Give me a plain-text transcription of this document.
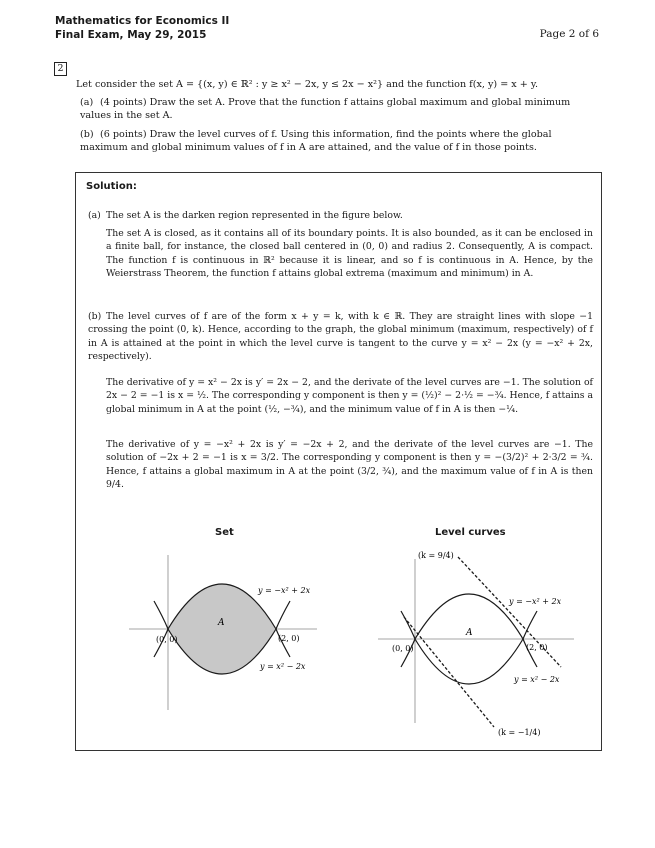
Mathematics for Economics II
Final Exam, May 29, 2015	Page 2 of 6
2
Let consider the set A = {(x, y) ∈ ℝ² : y ≥ x² − 2x, y ≤ 2x − x²} and the function f(x, y) = x + y.
(a) (4 points) Draw the set A. Prove that the function f attains global maximum and global minimum values in the set A.
(b) (6 points) Draw the level curves of f. Using this information, find the points where the global maximum and global minimum values of f in A are attained, and the value of f in those points.
Solution:
(a) The set A is the darken region represented in the figure below.
The set A is closed, as it contains all of its boundary points. It is also bounded, as it can be enclosed in a finite ball, for instance, the closed ball centered in (0, 0) and radius 2. Consequently, A is compact. The function f is continuous in ℝ² because it is linear, and so f is continuous in A. Hence, by the Weierstrass Theorem, the function f attains global extrema (maximum and minimum) in A.
(b) The level curves of f are of the form x + y = k, with k ∈ ℝ. They are straight lines with slope −1 crossing the point (0, k). Hence, according to the graph, the global minimum (maximum, respectively) of f in A is attained at the point in which the level curve is tangent to the curve y = x² − 2x (y = −x² + 2x, respectively).
The derivative of y = x² − 2x is y′ = 2x − 2, and the derivate of the level curves are −1. The solution of 2x − 2 = −1 is x = ½. The corresponding y component is then y = (½)² − 2·½ = −¾. Hence, f attains a global minimum in A at the point (½, −¾), and the minimum value of f in A is then −¼.
The derivative of y = −x² + 2x is y′ = −2x + 2, and the derivate of the level curves are −1. The solution of −2x + 2 = −1 is x = 3/2. The corresponding y component is then y = −(3/2)² + 2·3/2 = ¾. Hence, f attains a global maximum in A at the point (3/2, ¾), and the maximum value of f in A is then 9/4.
Set	Level curves
A
(0, 0)	(2, 0)
y = −x² + 2x
y = x² − 2x
A
(0, 0)	(2, 0)
y = −x² + 2x
y = x² − 2x
(k = 9/4)
(k = −1/4)
